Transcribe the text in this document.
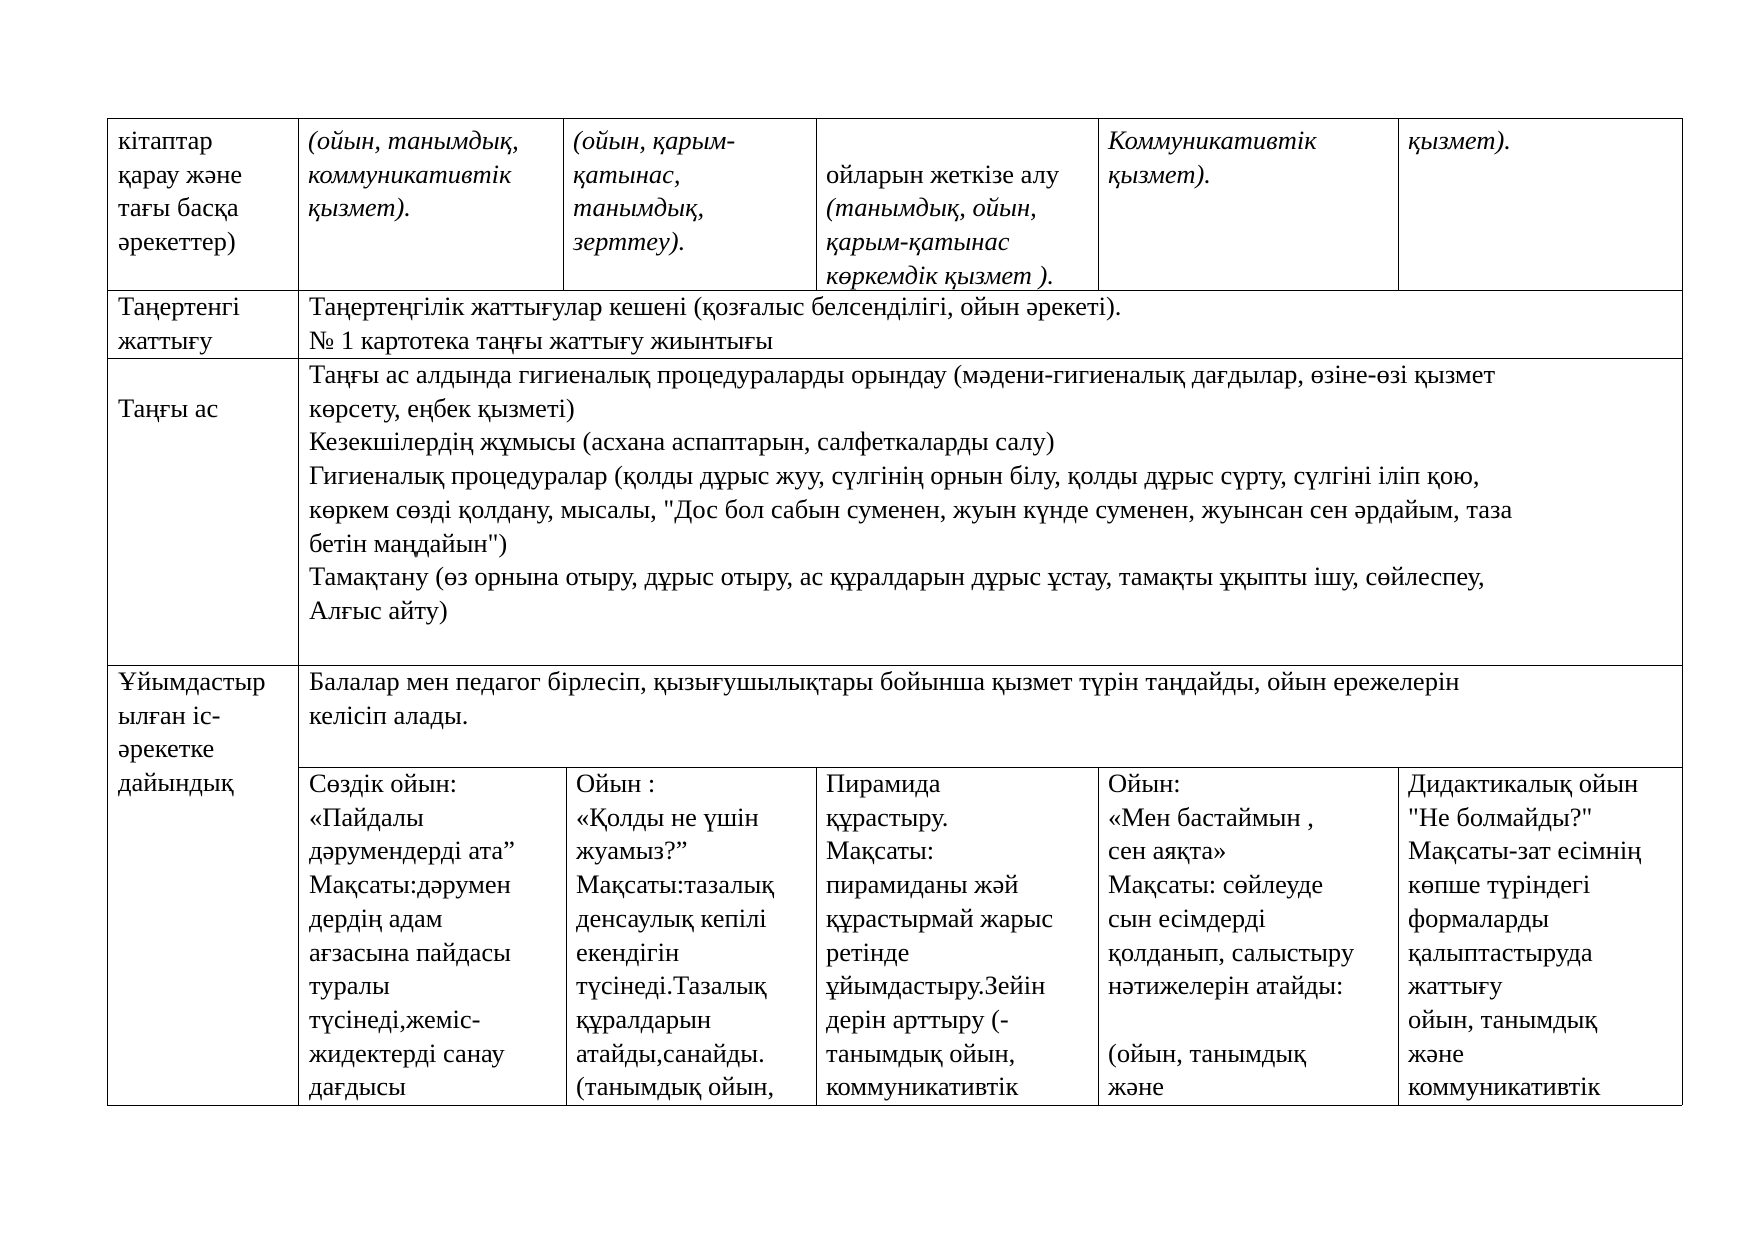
кітаптар
қарау және
тағы басқа
әрекеттер)
(ойын, танымдық,
коммуникативтік
қызмет).
(ойын, қарым-
қатынас,
танымдық,
зерттеу).

ойларын жеткізе алу

(танымдық, ойын,
қарым-қатынас
көркемдік қызмет ).

Коммуникативтік
қызмет).
қызмет).
Таңертенгі
жаттығу
Таңертеңгілік жаттығулар кешені (қозғалыс белсенділігі, ойын әрекеті).
№ 1 картотека таңғы жаттығу жиынтығы
Таңғы ас
Таңғы ас алдында гигиеналық процедураларды орындау (мәдени-гигиеналық дағдылар, өзіне-өзі қызмет
көрсету, еңбек қызметі)
Кезекшілердің жұмысы (асхана аспаптарын, салфеткаларды салу)
Гигиеналық процедуралар (қолды дұрыс жуу, сүлгінің орнын білу, қолды дұрыс сүрту, сүлгіні іліп қою,
көркем сөзді қолдану, мысалы, "Дос бол сабын суменен, жуын күнде суменен, жуынсан сен әрдайым, таза
бетін маңдайын")
Тамақтану (өз орнына отыру, дұрыс отыру, ас құралдарын дұрыс ұстау, тамақты ұқыпты ішу, сөйлеспеу,
Алғыс айту)
Ұйымдастыр
ылған іс-
әрекетке
дайындық
Балалар мен педагог бірлесіп, қызығушылықтары бойынша қызмет түрін таңдайды, ойын ережелерін
келісіп алады.
Сөздік ойын:
«Пайдалы
дәрумендерді ата”
Мақсаты:дәрумен
дердің адам
ағзасына пайдасы
туралы
түсінеді,жеміс-
жидектерді санау
дағдысы
Ойын :
«Қолды не үшін
жуамыз?”
Мақсаты:тазалық
денсаулық кепілі
екендігін
түсінеді.Тазалық
құралдарын
атайды,санайды.
(танымдық ойын,
Пирамида
құрастыру.
Мақсаты:
пирамиданы жәй
құрастырмай жарыс
ретінде
ұйымдастыру.Зейін
дерін арттыру (-
танымдық ойын,
коммуникативтік
Ойын:
«Мен бастаймын ,
сен аяқта»
Мақсаты: сөйлеуде
сын есімдерді
қолданып, салыстыру
нәтижелерін атайды:

(ойын, танымдық
және
Дидактикалық ойын
"Не болмайды?"
Мақсаты-зат есімнің
көпше түріндегі
формаларды
қалыптастыруда
жаттығу
ойын, танымдық
және
коммуникативтік
